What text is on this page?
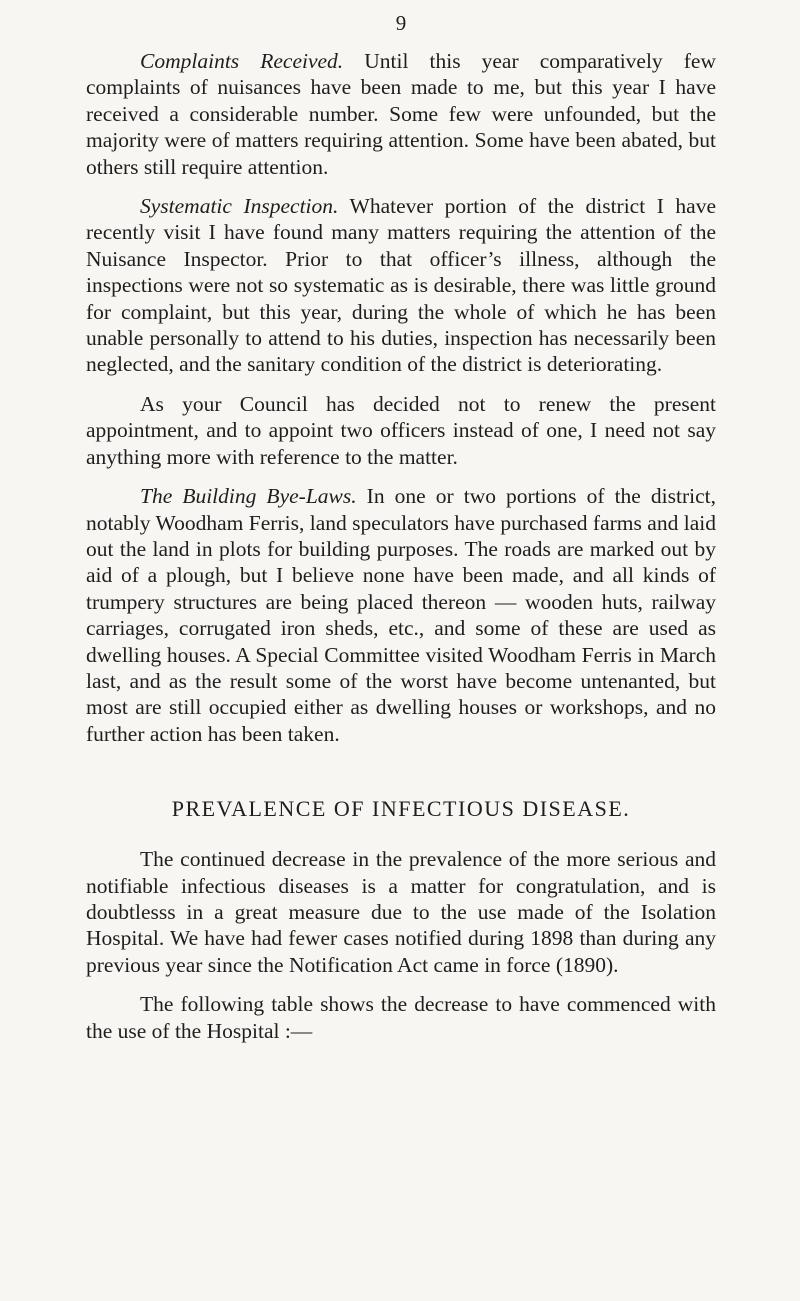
9

Complaints Received. Until this year comparatively few complaints of nuisances have been made to me, but this year I have received a considerable number. Some few were unfounded, but the majority were of matters requiring attention. Some have been abated, but others still require attention.

Systematic Inspection. Whatever portion of the district I have recently visit I have found many matters requiring the attention of the Nuisance Inspector. Prior to that officer’s illness, although the inspections were not so systematic as is desirable, there was little ground for complaint, but this year, during the whole of which he has been unable personally to attend to his duties, inspection has necessarily been neglected, and the sanitary condition of the district is deteriorating.

As your Council has decided not to renew the present appointment, and to appoint two officers instead of one, I need not say anything more with reference to the matter.

The Building Bye-Laws. In one or two portions of the district, notably Woodham Ferris, land speculators have purchased farms and laid out the land in plots for building purposes. The roads are marked out by aid of a plough, but I believe none have been made, and all kinds of trumpery structures are being placed thereon — wooden huts, railway carriages, corrugated iron sheds, etc., and some of these are used as dwelling houses. A Special Committee visited Woodham Ferris in March last, and as the result some of the worst have become untenanted, but most are still occupied either as dwelling houses or workshops, and no further action has been taken.

PREVALENCE OF INFECTIOUS DISEASE.

The continued decrease in the prevalence of the more serious and notifiable infectious diseases is a matter for congratulation, and is doubtlesss in a great measure due to the use made of the Isolation Hospital. We have had fewer cases notified during 1898 than during any previous year since the Notification Act came in force (1890).

The following table shows the decrease to have commenced with the use of the Hospital :—
